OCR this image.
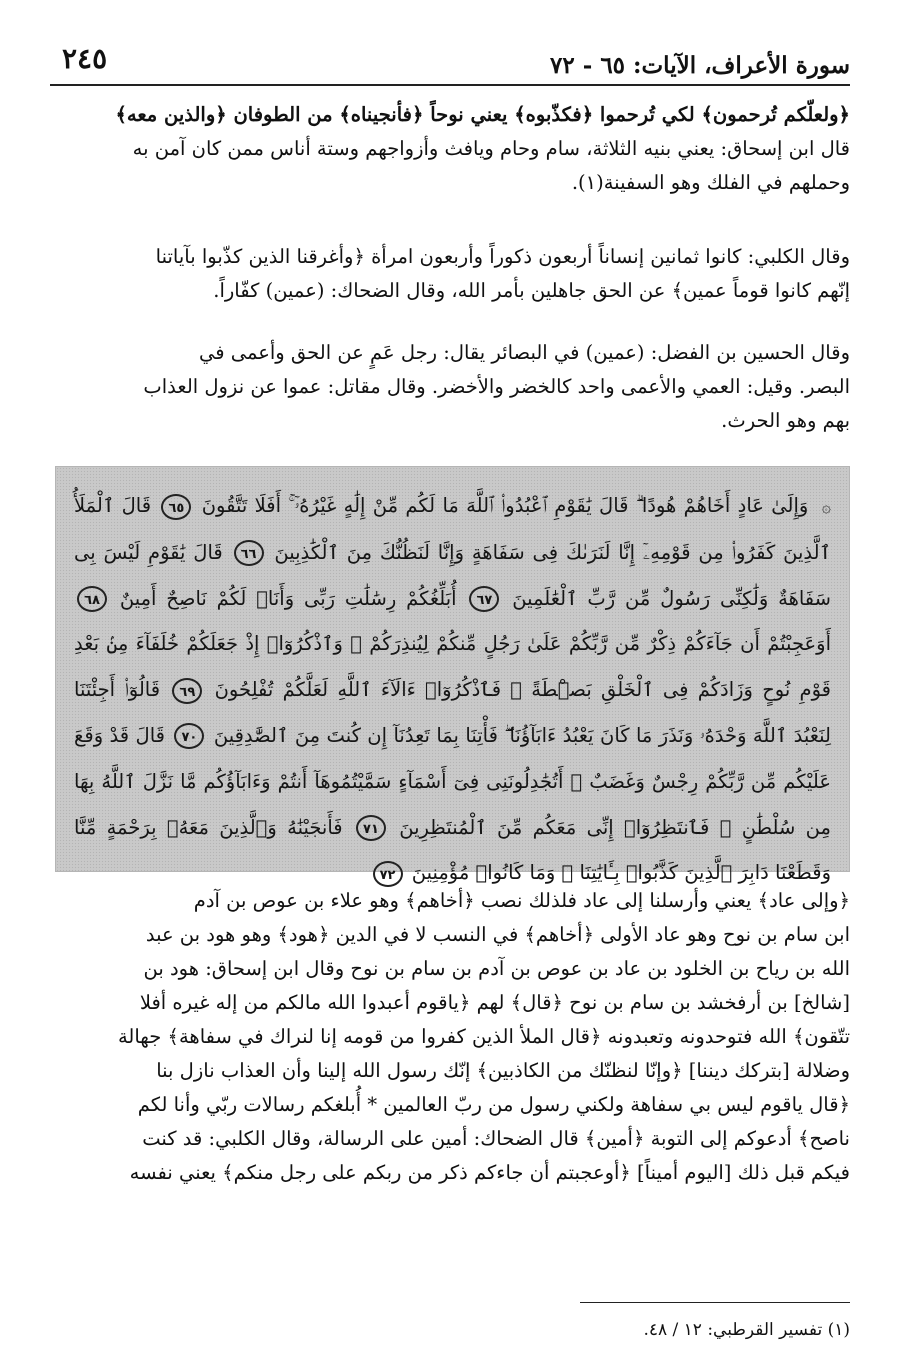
سورة الأعراف، الآيات: ٦٥ - ٧٢
٢٤٥
﴿ولعلّكم تُرحمون﴾ لكي تُرحموا ﴿فكذّبوه﴾ يعني نوحاً ﴿فأنجيناه﴾ من الطوفان ﴿والذين معه﴾
قال ابن إسحاق: يعني بنيه الثلاثة، سام وحام ويافث وأزواجهم وستة أناس ممن كان آمن به
وحملهم في الفلك وهو السفينة(١).
وقال الكلبي: كانوا ثمانين إنساناً أربعون ذكوراً وأربعون امرأة ﴿وأغرقنا الذين كذّبوا بآياتنا
إنّهم كانوا قوماً عمين﴾ عن الحق جاهلين بأمر الله، وقال الضحاك: (عمين) كفّاراً.
وقال الحسين بن الفضل: (عمين) في البصائر يقال: رجل عَمٍ عن الحق وأعمى في
البصر. وقيل: العمي والأعمى واحد كالخضر والأخضر. وقال مقاتل: عموا عن نزول العذاب
بهم وهو الحرث.
۞ وَإِلَىٰ عَادٍ أَخَاهُمْ هُودًا ۗ قَالَ يَٰقَوْمِ ٱعْبُدُوا۟ ٱللَّهَ مَا لَكُم مِّنْ إِلَٰهٍ غَيْرُهُۥٓ ۚ أَفَلَا تَتَّقُونَ ٦٥ قَالَ ٱلْمَلَأُ ٱلَّذِينَ كَفَرُوا۟ مِن قَوْمِهِۦٓ إِنَّا لَنَرَىٰكَ فِى سَفَاهَةٍ وَإِنَّا لَنَظُنُّكَ مِنَ ٱلْكَٰذِبِينَ ٦٦ قَالَ يَٰقَوْمِ لَيْسَ بِى سَفَاهَةٌ وَلَٰكِنِّى رَسُولٌ مِّن رَّبِّ ٱلْعَٰلَمِينَ ٦٧ أُبَلِّغُكُمْ رِسَٰلَٰتِ رَبِّى وَأَنَا۠ لَكُمْ نَاصِحٌ أَمِينٌ ٦٨ أَوَعَجِبْتُمْ أَن جَآءَكُمْ ذِكْرٌ مِّن رَّبِّكُمْ عَلَىٰ رَجُلٍ مِّنكُمْ لِيُنذِرَكُمْ ۚ وَٱذْكُرُوٓا۟ إِذْ جَعَلَكُمْ خُلَفَآءَ مِنۢ بَعْدِ قَوْمِ نُوحٍ وَزَادَكُمْ فِى ٱلْخَلْقِ بَصْۜطَةً ۖ فَٱذْكُرُوٓا۟ ءَالَآءَ ٱللَّهِ لَعَلَّكُمْ تُفْلِحُونَ ٦٩ قَالُوٓا۟ أَجِئْتَنَا لِنَعْبُدَ ٱللَّهَ وَحْدَهُۥ وَنَذَرَ مَا كَانَ يَعْبُدُ ءَابَآؤُنَا ۖ فَأْتِنَا بِمَا تَعِدُنَآ إِن كُنتَ مِنَ ٱلصَّٰدِقِينَ ٧٠ قَالَ قَدْ وَقَعَ عَلَيْكُم مِّن رَّبِّكُمْ رِجْسٌ وَغَضَبٌ ۖ أَتُجَٰدِلُونَنِى فِىٓ أَسْمَآءٍ سَمَّيْتُمُوهَآ أَنتُمْ وَءَابَآؤُكُم مَّا نَزَّلَ ٱللَّهُ بِهَا مِن سُلْطَٰنٍ ۚ فَٱنتَظِرُوٓا۟ إِنِّى مَعَكُم مِّنَ ٱلْمُنتَظِرِينَ ٧١ فَأَنجَيْنَٰهُ وَٱلَّذِينَ مَعَهُۥ بِرَحْمَةٍ مِّنَّا وَقَطَعْنَا دَابِرَ ٱلَّذِينَ كَذَّبُوا۟ بِـَٔايَٰتِنَا ۖ وَمَا كَانُوا۟ مُؤْمِنِينَ ٧٢
﴿وإلى عاد﴾ يعني وأرسلنا إلى عاد فلذلك نصب ﴿أخاهم﴾ وهو علاء بن عوص بن آدم
ابن سام بن نوح وهو عاد الأولى ﴿أخاهم﴾ في النسب لا في الدين ﴿هود﴾ وهو هود بن عبد
الله بن رياح بن الخلود بن عاد بن عوص بن آدم بن سام بن نوح وقال ابن إسحاق: هود بن
[شالخ] بن أرفخشد بن سام بن نوح ﴿قال﴾ لهم ﴿ياقوم أعبدوا الله مالكم من إله غيره أفلا
تتّقون﴾ الله فتوحدونه وتعبدونه ﴿قال الملأ الذين كفروا من قومه إنا لنراك في سفاهة﴾ جهالة
وضلالة [بتركك ديننا] ﴿وإنّا لنظنّك من الكاذبين﴾ إنّك رسول الله إلينا وأن العذاب نازل بنا
﴿قال ياقوم ليس بي سفاهة ولكني رسول من ربّ العالمين * أُبلغكم رسالات ربّي وأنا لكم
ناصح﴾ أدعوكم إلى التوبة ﴿أمين﴾ قال الضحاك: أمين على الرسالة، وقال الكلبي: قد كنت
فيكم قبل ذلك [اليوم أميناً] ﴿أوعجبتم أن جاءكم ذكر من ربكم على رجل منكم﴾ يعني نفسه
(١) تفسير القرطبي: ١٢ / ٤٨.
